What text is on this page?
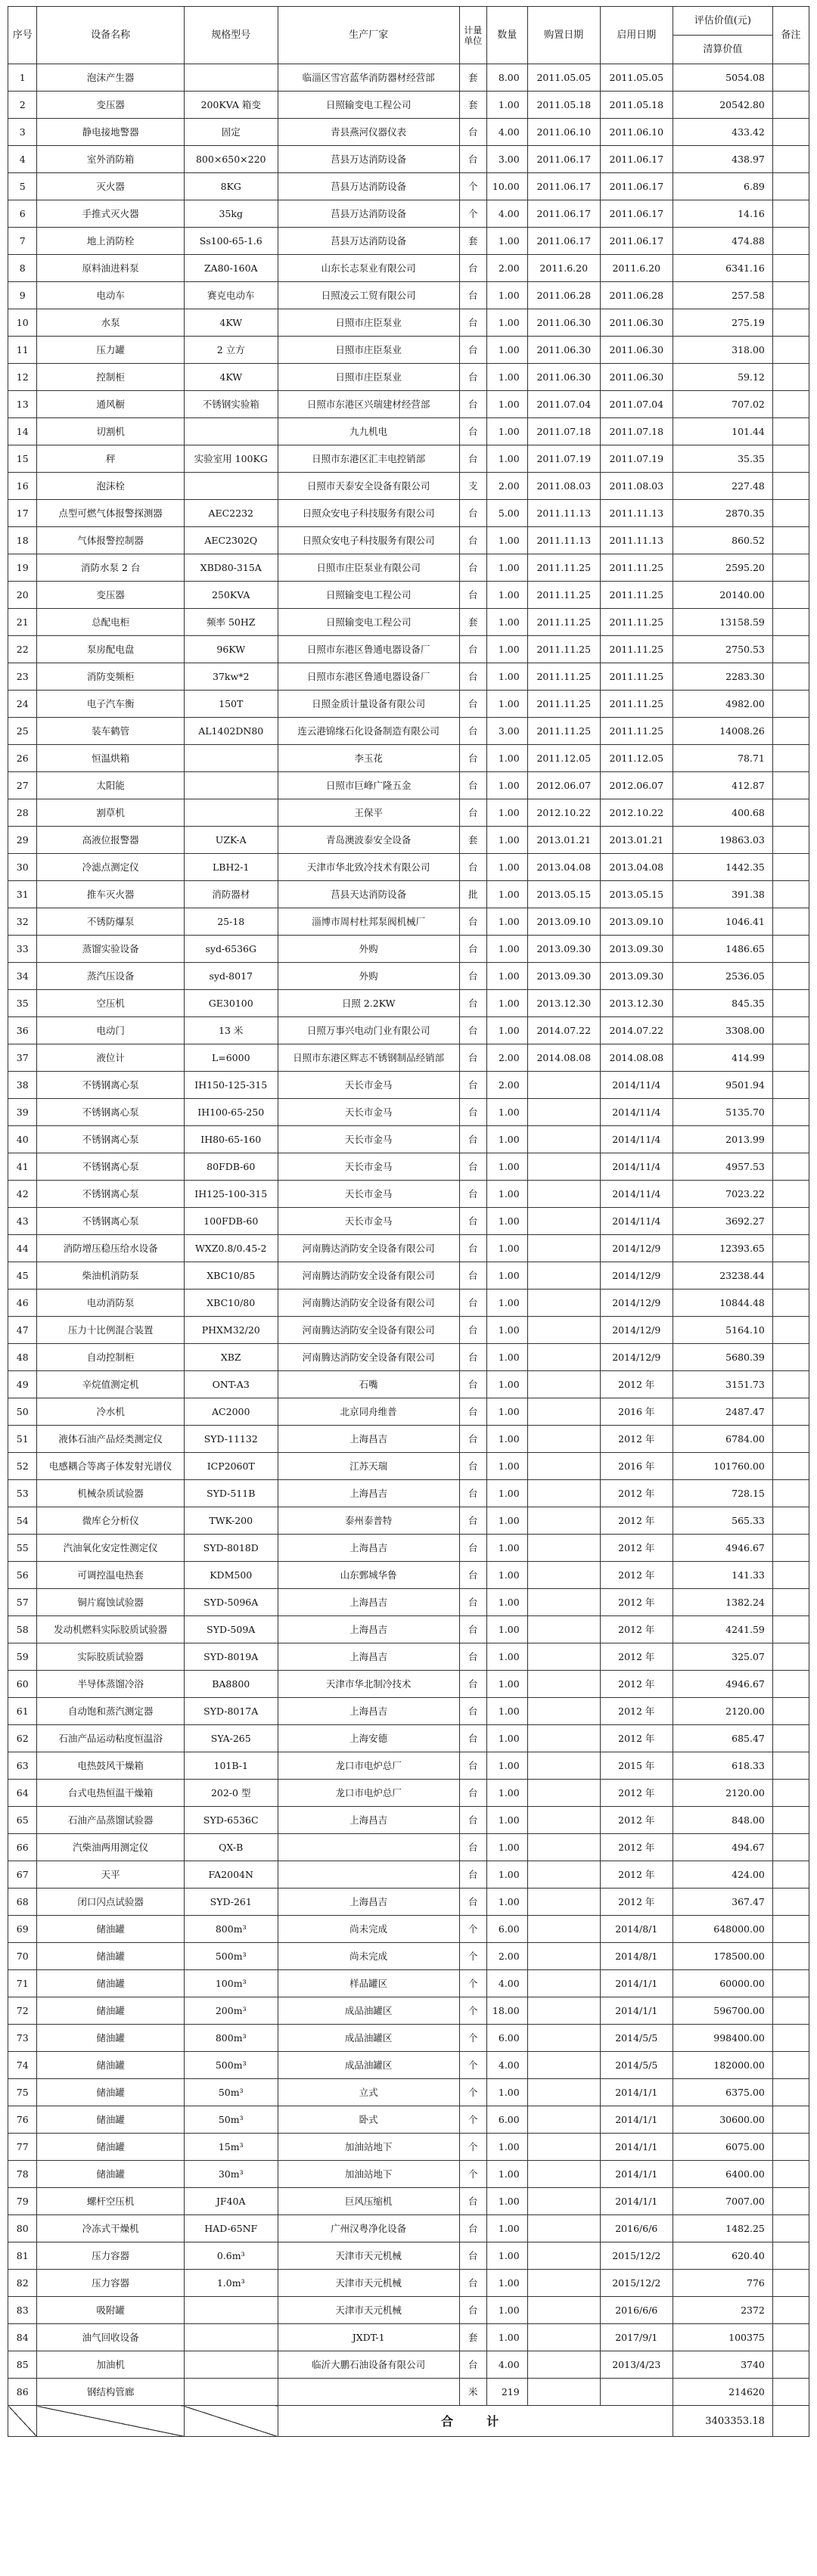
序号	设备名称	规格型号	生产厂家	计量单位	数量	购置日期	启用日期	评估价值(元)	备注
								清算价值	
1	泡沫产生器		临淄区雪宫蓝华消防器材经营部	套	8.00	2011.05.05	2011.05.05	5054.08	
2	变压器	200KVA 箱变	日照输变电工程公司	套	1.00	2011.05.18	2011.05.18	20542.80	
3	静电接地警器	固定	青县燕河仪器仪表	台	4.00	2011.06.10	2011.06.10	433.42	
4	室外消防箱	800×650×220	莒县万达消防设备	台	3.00	2011.06.17	2011.06.17	438.97	
5	灭火器	8KG	莒县万达消防设备	个	10.00	2011.06.17	2011.06.17	6.89	
6	手推式灭火器	35kg	莒县万达消防设备	个	4.00	2011.06.17	2011.06.17	14.16	
7	地上消防栓	Ss100-65-1.6	莒县万达消防设备	套	1.00	2011.06.17	2011.06.17	474.88	
8	原料油进料泵	ZA80-160A	山东长志泵业有限公司	台	2.00	2011.6.20	2011.6.20	6341.16	
9	电动车	赛克电动车	日照凌云工贸有限公司	台	1.00	2011.06.28	2011.06.28	257.58	
10	水泵	4KW	日照市庄臣泵业	台	1.00	2011.06.30	2011.06.30	275.19	
11	压力罐	2 立方	日照市庄臣泵业	台	1.00	2011.06.30	2011.06.30	318.00	
12	控制柜	4KW	日照市庄臣泵业	台	1.00	2011.06.30	2011.06.30	59.12	
13	通风橱	不锈钢实验箱	日照市东港区兴瑞建材经营部	台	1.00	2011.07.04	2011.07.04	707.02	
14	切割机		九九机电	台	1.00	2011.07.18	2011.07.18	101.44	
15	秤	实验室用 100KG	日照市东港区汇丰电控销部	台	1.00	2011.07.19	2011.07.19	35.35	
16	泡沫栓		日照市天泰安全设备有限公司	支	2.00	2011.08.03	2011.08.03	227.48	
17	点型可燃气体报警探测器	AEC2232	日照众安电子科技服务有限公司	台	5.00	2011.11.13	2011.11.13	2870.35	
18	气体报警控制器	AEC2302Q	日照众安电子科技服务有限公司	台	1.00	2011.11.13	2011.11.13	860.52	
19	消防水泵 2 台	XBD80-315A	日照市庄臣泵业有限公司	台	1.00	2011.11.25	2011.11.25	2595.20	
20	变压器	250KVA	日照输变电工程公司	台	1.00	2011.11.25	2011.11.25	20140.00	
21	总配电柜	频率 50HZ	日照输变电工程公司	套	1.00	2011.11.25	2011.11.25	13158.59	
22	泵房配电盘	96KW	日照市东港区鲁通电器设备厂	台	1.00	2011.11.25	2011.11.25	2750.53	
23	消防变频柜	37kw*2	日照市东港区鲁通电器设备厂	台	1.00	2011.11.25	2011.11.25	2283.30	
24	电子汽车衡	150T	日照金质计量设备有限公司	台	1.00	2011.11.25	2011.11.25	4982.00	
25	装车鹤管	AL1402DN80	连云港锦缘石化设备制造有限公司	台	3.00	2011.11.25	2011.11.25	14008.26	
26	恒温烘箱		李玉花	台	1.00	2011.12.05	2011.12.05	78.71	
27	太阳能		日照市巨峰广隆五金	台	1.00	2012.06.07	2012.06.07	412.87	
28	割草机		王保平	台	1.00	2012.10.22	2012.10.22	400.68	
29	高液位报警器	UZK-A	青岛澳波泰安全设备	套	1.00	2013.01.21	2013.01.21	19863.03	
30	冷滤点测定仪	LBH2-1	天津市华北致冷技术有限公司	台	1.00	2013.04.08	2013.04.08	1442.35	
31	推车灭火器	消防器材	莒县天达消防设备	批	1.00	2013.05.15	2013.05.15	391.38	
32	不锈防爆泵	25-18	淄博市周村杜邦泵阀机械厂	台	1.00	2013.09.10	2013.09.10	1046.41	
33	蒸馏实验设备	syd-6536G	外购	台	1.00	2013.09.30	2013.09.30	1486.65	
34	蒸汽压设备	syd-8017	外购	台	1.00	2013.09.30	2013.09.30	2536.05	
35	空压机	GE30100	日照 2.2KW	台	1.00	2013.12.30	2013.12.30	845.35	
36	电动门	13 米	日照万事兴电动门业有限公司	台	1.00	2014.07.22	2014.07.22	3308.00	
37	液位计	L=6000	日照市东港区辉志不锈钢制品经销部	台	2.00	2014.08.08	2014.08.08	414.99	
38	不锈钢离心泵	IH150-125-315	天长市金马	台	2.00		2014/11/4	9501.94	
39	不锈钢离心泵	IH100-65-250	天长市金马	台	1.00		2014/11/4	5135.70	
40	不锈钢离心泵	IH80-65-160	天长市金马	台	1.00		2014/11/4	2013.99	
41	不锈钢离心泵	80FDB-60	天长市金马	台	1.00		2014/11/4	4957.53	
42	不锈钢离心泵	IH125-100-315	天长市金马	台	1.00		2014/11/4	7023.22	
43	不锈钢离心泵	100FDB-60	天长市金马	台	1.00		2014/11/4	3692.27	
44	消防增压稳压给水设备	WXZ0.8/0.45-2	河南腾达消防安全设备有限公司	台	1.00		2014/12/9	12393.65	
45	柴油机消防泵	XBC10/85	河南腾达消防安全设备有限公司	台	1.00		2014/12/9	23238.44	
46	电动消防泵	XBC10/80	河南腾达消防安全设备有限公司	台	1.00		2014/12/9	10844.48	
47	压力十比例混合装置	PHXM32/20	河南腾达消防安全设备有限公司	台	1.00		2014/12/9	5164.10	
48	自动控制柜	XBZ	河南腾达消防安全设备有限公司	台	1.00		2014/12/9	5680.39	
49	辛烷值测定机	ONT-A3	石嘴	台	1.00		2012 年	3151.73	
50	冷水机	AC2000	北京同舟维普	台	1.00		2016 年	2487.47	
51	液体石油产品烃类测定仪	SYD-11132	上海昌吉	台	1.00		2012 年	6784.00	
52	电感耦合等离子体发射光谱仪	ICP2060T	江苏天瑞	台	1.00		2016 年	101760.00	
53	机械杂质试验器	SYD-511B	上海昌吉	台	1.00		2012 年	728.15	
54	微库仑分析仪	TWK-200	泰州泰普特	台	1.00		2012 年	565.33	
55	汽油氧化安定性测定仪	SYD-8018D	上海昌吉	台	1.00		2012 年	4946.67	
56	可调控温电热套	KDM500	山东鄄城华鲁	台	1.00		2012 年	141.33	
57	铜片腐蚀试验器	SYD-5096A	上海昌吉	台	1.00		2012 年	1382.24	
58	发动机燃料实际胶质试验器	SYD-509A	上海昌吉	台	1.00		2012 年	4241.59	
59	实际胶质试验器	SYD-8019A	上海昌吉	台	1.00		2012 年	325.07	
60	半导体蒸馏冷浴	BA8800	天津市华北制冷技术	台	1.00		2012 年	4946.67	
61	自动饱和蒸汽测定器	SYD-8017A	上海昌吉	台	1.00		2012 年	2120.00	
62	石油产品运动粘度恒温浴	SYA-265	上海安德	台	1.00		2012 年	685.47	
63	电热鼓风干燥箱	101B-1	龙口市电炉总厂	台	1.00		2015 年	618.33	
64	台式电热恒温干燥箱	202-0 型	龙口市电炉总厂	台	1.00		2012 年	2120.00	
65	石油产品蒸馏试验器	SYD-6536C	上海昌吉	台	1.00		2012 年	848.00	
66	汽柴油两用测定仪	QX-B		台	1.00		2012 年	494.67	
67	天平	FA2004N		台	1.00		2012 年	424.00	
68	闭口闪点试验器	SYD-261	上海昌吉	台	1.00		2012 年	367.47	
69	储油罐	800m³	尚未完成	个	6.00		2014/8/1	648000.00	
70	储油罐	500m³	尚未完成	个	2.00		2014/8/1	178500.00	
71	储油罐	100m³	样品罐区	个	4.00		2014/1/1	60000.00	
72	储油罐	200m³	成品油罐区	个	18.00		2014/1/1	596700.00	
73	储油罐	800m³	成品油罐区	个	6.00		2014/5/5	998400.00	
74	储油罐	500m³	成品油罐区	个	4.00		2014/5/5	182000.00	
75	储油罐	50m³	立式	个	1.00		2014/1/1	6375.00	
76	储油罐	50m³	卧式	个	6.00		2014/1/1	30600.00	
77	储油罐	15m³	加油站地下	个	1.00		2014/1/1	6075.00	
78	储油罐	30m³	加油站地下	个	1.00		2014/1/1	6400.00	
79	螺杆空压机	JF40A	巨风压缩机	台	1.00		2014/1/1	7007.00	
80	冷冻式干燥机	HAD-65NF	广州汉粤净化设备	台	1.00		2016/6/6	1482.25	
81	压力容器	0.6m³	天津市天元机械	台	1.00		2015/12/2	620.40	
82	压力容器	1.0m³	天津市天元机械	台	1.00		2015/12/2	776	
83	吸附罐		天津市天元机械	台	1.00		2016/6/6	2372	
84	油气回收设备		JXDT-1	套	1.00		2017/9/1	100375	
85	加油机		临沂大鹏石油设备有限公司	台	4.00		2013/4/23	3740	
86	钢结构管廊			米	219			214620	
			合　计					3403353.18	
